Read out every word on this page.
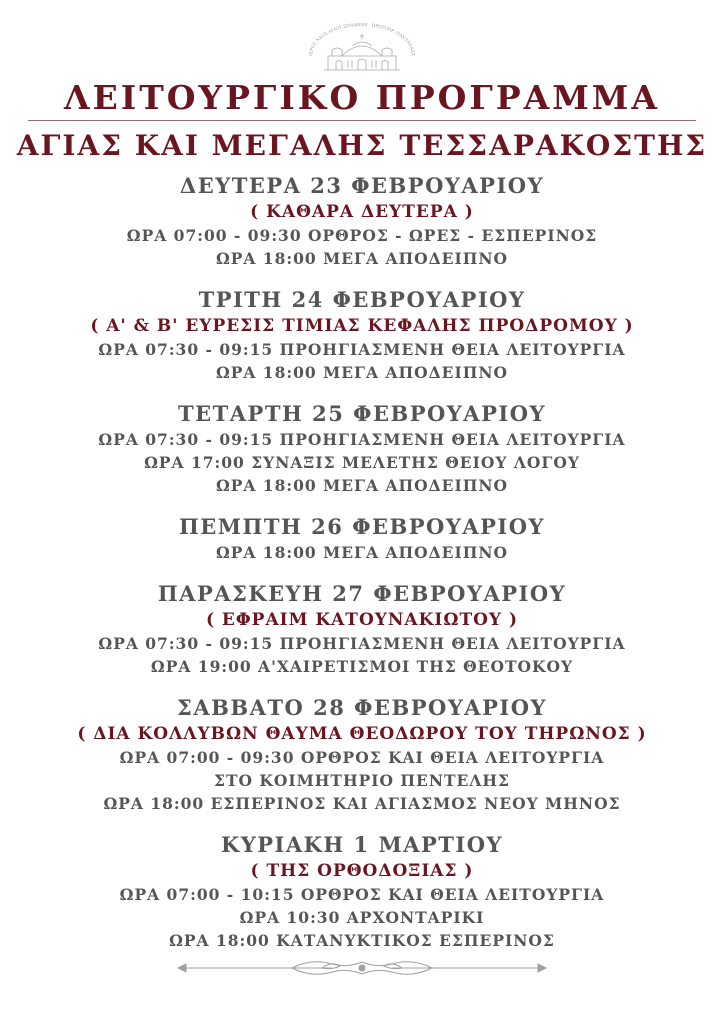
ΙΕΡΟΣ ΝΑΟΣ ΑΓΙΟΥ ΣΕΡΑΦΕΙΜ · ΠΡΩΤΟΠΡ. ΠΑΝΤΑΝΑΣΣ
ΛΕΙΤΟΥΡΓΙΚΟ ΠΡΟΓΡΑΜΜΑ
ΑΓΙΑΣ ΚΑΙ ΜΕΓΑΛΗΣ ΤΕΣΣΑΡΑΚΟΣΤΗΣ
ΔΕΥΤΕΡΑ 23 ΦΕΒΡΟΥΑΡΙΟΥ
( ΚΑΘΑΡΑ ΔΕΥΤΕΡΑ )
ΩΡΑ 07:00 - 09:30 ΟΡΘΡΟΣ - ΩΡΕΣ - ΕΣΠΕΡΙΝΟΣ
ΩΡΑ 18:00 ΜΕΓΑ ΑΠΟΔΕΙΠΝΟ
ΤΡΙΤΗ 24 ΦΕΒΡΟΥΑΡΙΟΥ
( Α' & Β' ΕΥΡΕΣΙΣ ΤΙΜΙΑΣ ΚΕΦΑΛΗΣ ΠΡΟΔΡΟΜΟΥ )
ΩΡΑ 07:30 - 09:15 ΠΡΟΗΓΙΑΣΜΕΝΗ ΘΕΙΑ ΛΕΙΤΟΥΡΓΙΑ
ΩΡΑ 18:00 ΜΕΓΑ ΑΠΟΔΕΙΠΝΟ
ΤΕΤΑΡΤΗ 25 ΦΕΒΡΟΥΑΡΙΟΥ
ΩΡΑ 07:30 - 09:15 ΠΡΟΗΓΙΑΣΜΕΝΗ ΘΕΙΑ ΛΕΙΤΟΥΡΓΙΑ
ΩΡΑ 17:00 ΣΥΝΑΞΙΣ ΜΕΛΕΤΗΣ ΘΕΙΟΥ ΛΟΓΟΥ
ΩΡΑ 18:00 ΜΕΓΑ ΑΠΟΔΕΙΠΝΟ
ΠΕΜΠΤΗ 26 ΦΕΒΡΟΥΑΡΙΟΥ
ΩΡΑ 18:00 ΜΕΓΑ ΑΠΟΔΕΙΠΝΟ
ΠΑΡΑΣΚΕΥΗ 27 ΦΕΒΡΟΥΑΡΙΟΥ
( ΕΦΡΑΙΜ ΚΑΤΟΥΝΑΚΙΩΤΟΥ )
ΩΡΑ 07:30 - 09:15 ΠΡΟΗΓΙΑΣΜΕΝΗ ΘΕΙΑ ΛΕΙΤΟΥΡΓΙΑ
ΩΡΑ 19:00 Α'ΧΑΙΡΕΤΙΣΜΟΙ ΤΗΣ ΘΕΟΤΟΚΟΥ
ΣΑΒΒΑΤΟ 28 ΦΕΒΡΟΥΑΡΙΟΥ
( ΔΙΑ ΚΟΛΛΥΒΩΝ ΘΑΥΜΑ ΘΕΟΔΩΡΟΥ ΤΟΥ ΤΗΡΩΝΟΣ )
ΩΡΑ 07:00 - 09:30 ΟΡΘΡΟΣ ΚΑΙ ΘΕΙΑ ΛΕΙΤΟΥΡΓΙΑ
ΣΤΟ ΚΟΙΜΗΤΗΡΙΟ ΠΕΝΤΕΛΗΣ
ΩΡΑ 18:00 ΕΣΠΕΡΙΝΟΣ ΚΑΙ ΑΓΙΑΣΜΟΣ ΝΕΟΥ ΜΗΝΟΣ
ΚΥΡΙΑΚΗ 1 ΜΑΡΤΙΟΥ
( ΤΗΣ ΟΡΘΟΔΟΞΙΑΣ )
ΩΡΑ 07:00 - 10:15 ΟΡΘΡΟΣ ΚΑΙ ΘΕΙΑ ΛΕΙΤΟΥΡΓΙΑ
ΩΡΑ 10:30 ΑΡΧΟΝΤΑΡΙΚΙ
ΩΡΑ 18:00 ΚΑΤΑΝΥΚΤΙΚΟΣ ΕΣΠΕΡΙΝΟΣ
